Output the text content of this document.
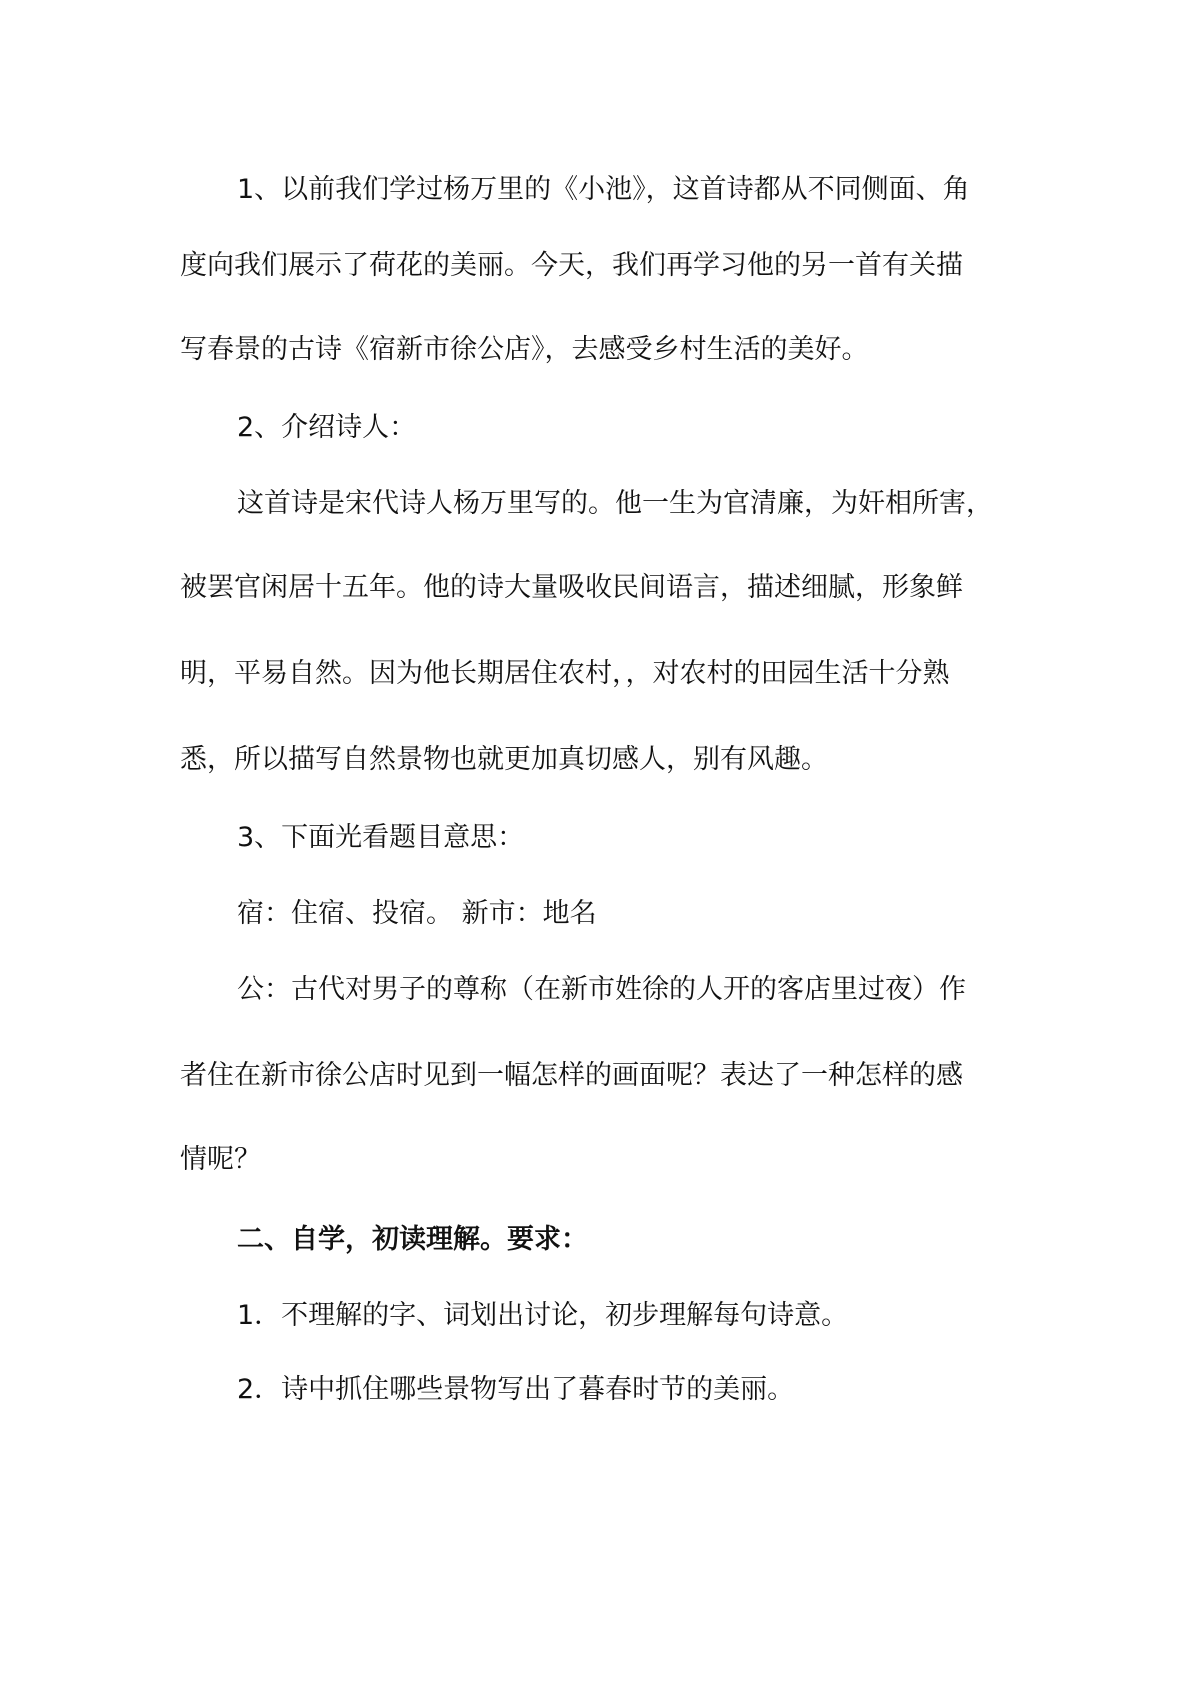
1、以前我们学过杨万里的《小池》，这首诗都从不同侧面、角
度向我们展示了荷花的美丽。今天，我们再学习他的另一首有关描
写春景的古诗《宿新市徐公店》，去感受乡村生活的美好。
2、介绍诗人：
这首诗是宋代诗人杨万里写的。他一生为官清廉，为奸相所害，
被罢官闲居十五年。他的诗大量吸收民间语言，描述细腻，形象鲜
明，平易自然。因为他长期居住农村，，对农村的田园生活十分熟
悉，所以描写自然景物也就更加真切感人，别有风趣。
3、下面光看题目意思：
宿：住宿、投宿。 新市：地名
公：古代对男子的尊称（在新市姓徐的人开的客店里过夜）作
者住在新市徐公店时见到一幅怎样的画面呢？表达了一种怎样的感
情呢？
二、自学，初读理解。要求：
1．不理解的字、词划出讨论，初步理解每句诗意。
2．诗中抓住哪些景物写出了暮春时节的美丽。
